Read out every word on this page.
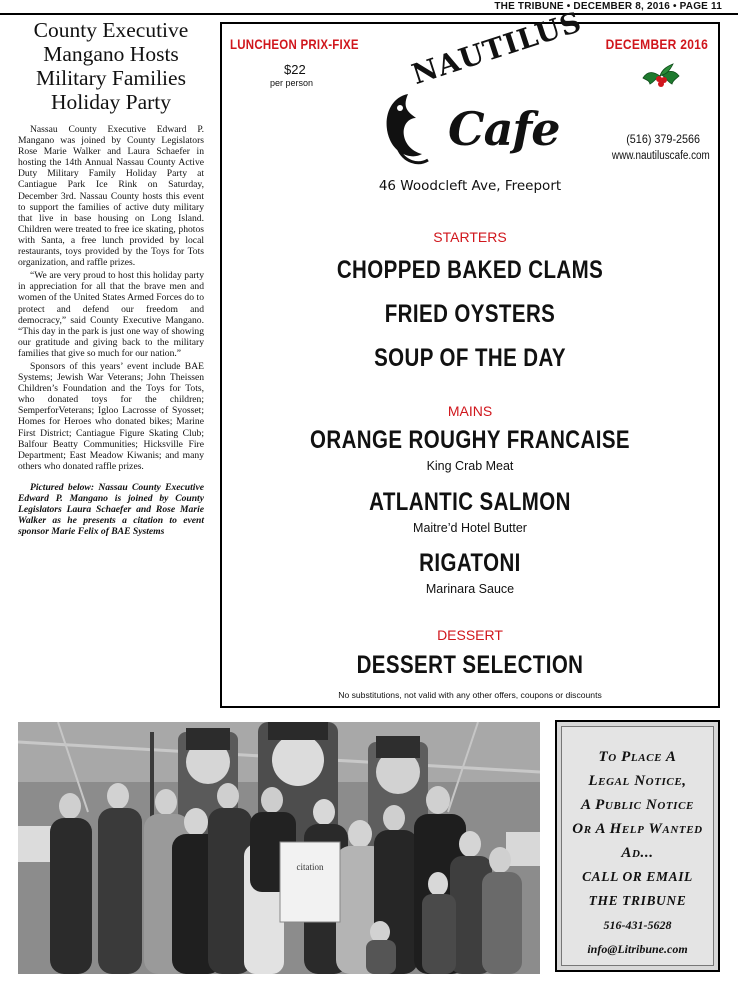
THE TRIBUNE • DECEMBER 8, 2016 • PAGE 11
County Executive Mangano Hosts Military Families Holiday Party

Nassau County Executive Edward P. Mangano was joined by County Legislators Rose Marie Walker and Laura Schaefer in hosting the 14th Annual Nassau County Active Duty Military Family Holiday Party at Cantiague Park Ice Rink on Saturday, December 3rd. Nassau County hosts this event to support the families of active duty military that live in base housing on Long Island. Children were treated to free ice skating, photos with Santa, a free lunch provided by local restaurants, toys provided by the Toys for Tots organization, and raffle prizes.

“We are very proud to host this holiday party in appreciation for all that the brave men and women of the United States Armed Forces do to protect and defend our freedom and democracy,” said County Executive Mangano. “This day in the park is just one way of showing our gratitude and giving back to the military families that give so much for our nation.”

Sponsors of this years’ event include BAE Systems; Jewish War Veterans; John Theissen Children’s Foundation and the Toys for Tots, who donated toys for the children; SemperforVeterans; Igloo Lacrosse of Syosset; Homes for Heroes who donated bikes; Marine First District; Cantiague Figure Skating Club; Balfour Beatty Communities; Hicksville Fire Department; East Meadow Kiwanis; and many others who donated raffle prizes.

Pictured below: Nassau County Executive Edward P. Mangano is joined by County Legislators Laura Schaefer and Rose Marie Walker as he presents a citation to event sponsor Marie Felix of BAE Systems

LUNCHEON PRIX-FIXE
$22
per person
DECEMBER 2016
NAUTILUS
Cafe	(516) 379-2566
www.nautiluscafe.com
46 Woodcleft Ave, Freeport
STARTERS
CHOPPED BAKED CLAMS
FRIED OYSTERS
SOUP OF THE DAY
MAINS
ORANGE ROUGHY FRANCAISE
King Crab Meat
ATLANTIC SALMON
Maitre’d Hotel Butter
RIGATONI
Marinara Sauce
DESSERT
DESSERT SELECTION
No substitutions, not valid with any other offers, coupons or discounts
citation
To Place A
Legal Notice,
A Public Notice
Or A Help Wanted
Ad...
CALL OR EMAIL
THE TRIBUNE
516-431-5628
info@Litribune.com
